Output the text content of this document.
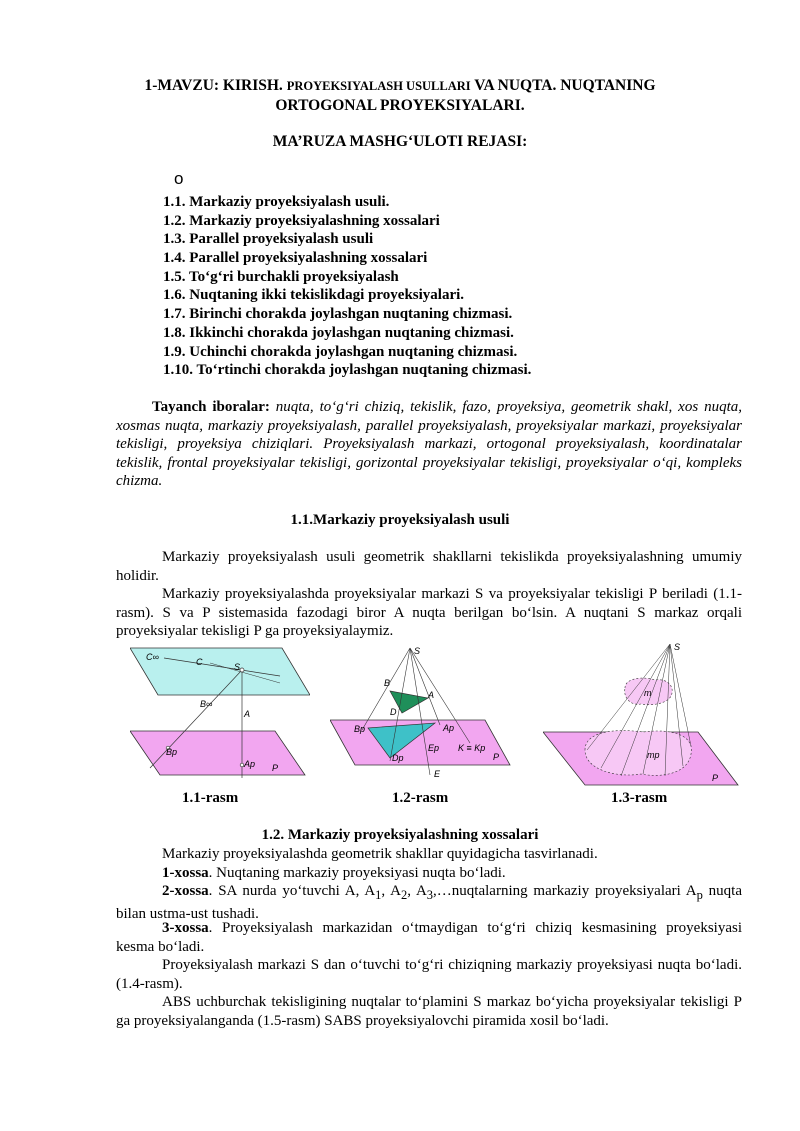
1-MAVZU: KIRISH. PROYEKSIYALASH USULLARI VA NUQTA. NUQTANING
ORTOGONAL PROYEKSIYALARI.
MA’RUZA MASHG‘ULOTI REJASI:
o
1.1. Markaziy proyeksiyalash usuli.
1.2. Markaziy proyeksiyalashning xossalari
1.3. Parallel proyeksiyalash usuli
1.4. Parallel proyeksiyalashning xossalari
1.5. To‘g‘ri burchakli proyeksiyalash
1.6. Nuqtaning ikki tekislikdagi proyeksiyalari.
1.7. Birinchi chorakda joylashgan nuqtaning chizmasi.
1.8. Ikkinchi chorakda joylashgan nuqtaning chizmasi.
1.9. Uchinchi chorakda joylashgan nuqtaning chizmasi.
1.10. To‘rtinchi chorakda joylashgan nuqtaning chizmasi.

Tayanch iboralar: nuqta, to‘g‘ri chiziq, tekislik, fazo, proyeksiya, geometrik shakl, xos nuqta, xosmas nuqta, markaziy proyeksiyalash, parallel proyeksiyalash, proyeksiyalar markazi, proyeksiyalar tekisligi, proyeksiya chiziqlari. Proyeksiyalash markazi, ortogonal proyeksiyalash, koordinatalar tekislik, frontal proyeksiyalar tekisligi, gorizontal proyeksiyalar tekisligi, proyeksiyalar o‘qi, kompleks chizma.

1.1.Markaziy proyeksiyalash usuli

Markaziy proyeksiyalash usuli geometrik shakllarni tekislikda proyeksiyalashning umumiy holidir.

Markaziy proyeksiyalashda proyeksiyalar markazi S va proyeksiyalar tekisligi P beriladi (1.1-rasm). S va P sistemasida fazodagi biror A nuqta berilgan bo‘lsin. A nuqtani S markaz orqali proyeksiyalar tekisligi P ga proyeksiyalaymiz.

C∞	C	S
B∞
A
Bp
Ap P
S
B
A
D
Bp	Ap
Ep K ≡ Kp
Dp
E
P
S
m
mp
P
1.1-rasm	1.2-rasm	1.3-rasm
1.2. Markaziy proyeksiyalashning xossalari

Markaziy proyeksiyalashda geometrik shakllar quyidagicha tasvirlanadi.

1-xossa. Nuqtaning markaziy proyeksiyasi nuqta bo‘ladi.

2-xossa. SA nurda yo‘tuvchi A, $A_1$, $A_2$, $A_3,\dots nuqtalarning$ markaziy proyeksiyalari $A_p$ nuqta bilan ustma-ust tushadi.

3-xossa. Proyeksiyalash markazidan o‘tmaydigan to‘g‘ri chiziq kesmasining proyeksiyasi kesma bo‘ladi.

Proyeksiyalash markazi S dan o‘tuvchi to‘g‘ri chiziqning markaziy proyeksiyasi nuqta bo‘ladi. (1.4-rasm).

ABS uchburchak tekisligining nuqtalar to‘plamini S markaz bo‘yicha proyeksiyalar tekisligi P ga proyeksiyalanganda (1.5-rasm) SABS proyeksiyalovchi piramida xosil bo‘ladi.
